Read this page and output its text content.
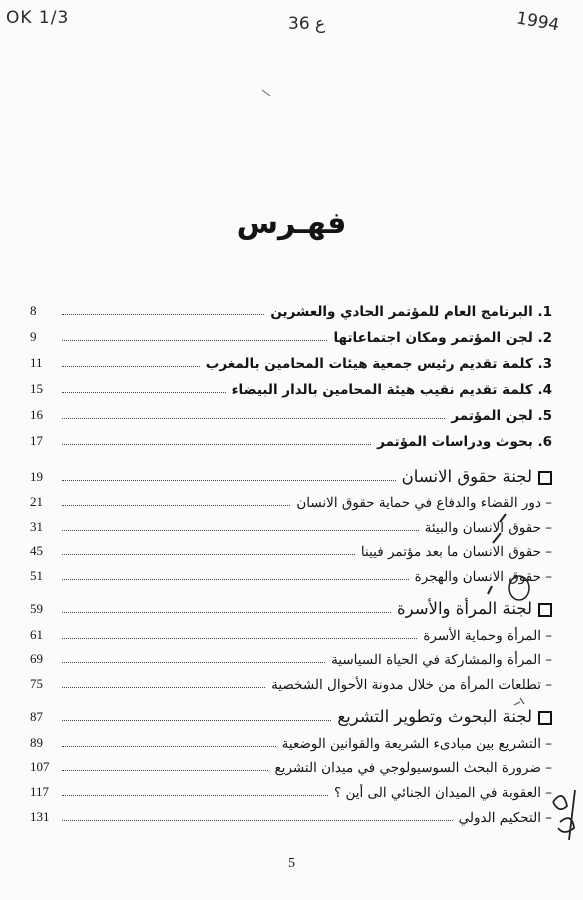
OK 1/3	36 ع	1994
فهـرس
8	1. البرنامج العام للمؤتمر الحادي والعشرين
9	2. لجن المؤتمر ومكان اجتماعاتها
11	3. كلمة تقديم رئيس جمعية هيئات المحامين بالمغرب
15	4. كلمة تقديم نقيب هيئة المحامين بالدار البيضاء
16	5. لجن المؤتمر
17	6. بحوث ودراسات المؤتمر
19	لجنة حقوق الانسان
21	– دور القضاء والدفاع في حماية حقوق الانسان
31	– حقوق الانسان والبيئة
45	– حقوق الانسان ما بعد مؤتمر فيينا
51	– حقوق الانسان والهجرة
59	لجنة المرأة والأسرة
61	– المرأة وحماية الأسرة
69	– المرأة والمشاركة في الحياة السياسية
75	– تطلعات المرأة من خلال مدونة الأحوال الشخصية
87	لجنة البحوث وتطوير التشريع
89	– التشريع بين مبادىء الشريعة والقوانين الوضعية
107	– ضرورة البحث السوسيولوجي في ميدان التشريع
117	– العقوبة في الميدان الجنائي الى أين ؟
131	– التحكيم الدولي
5
